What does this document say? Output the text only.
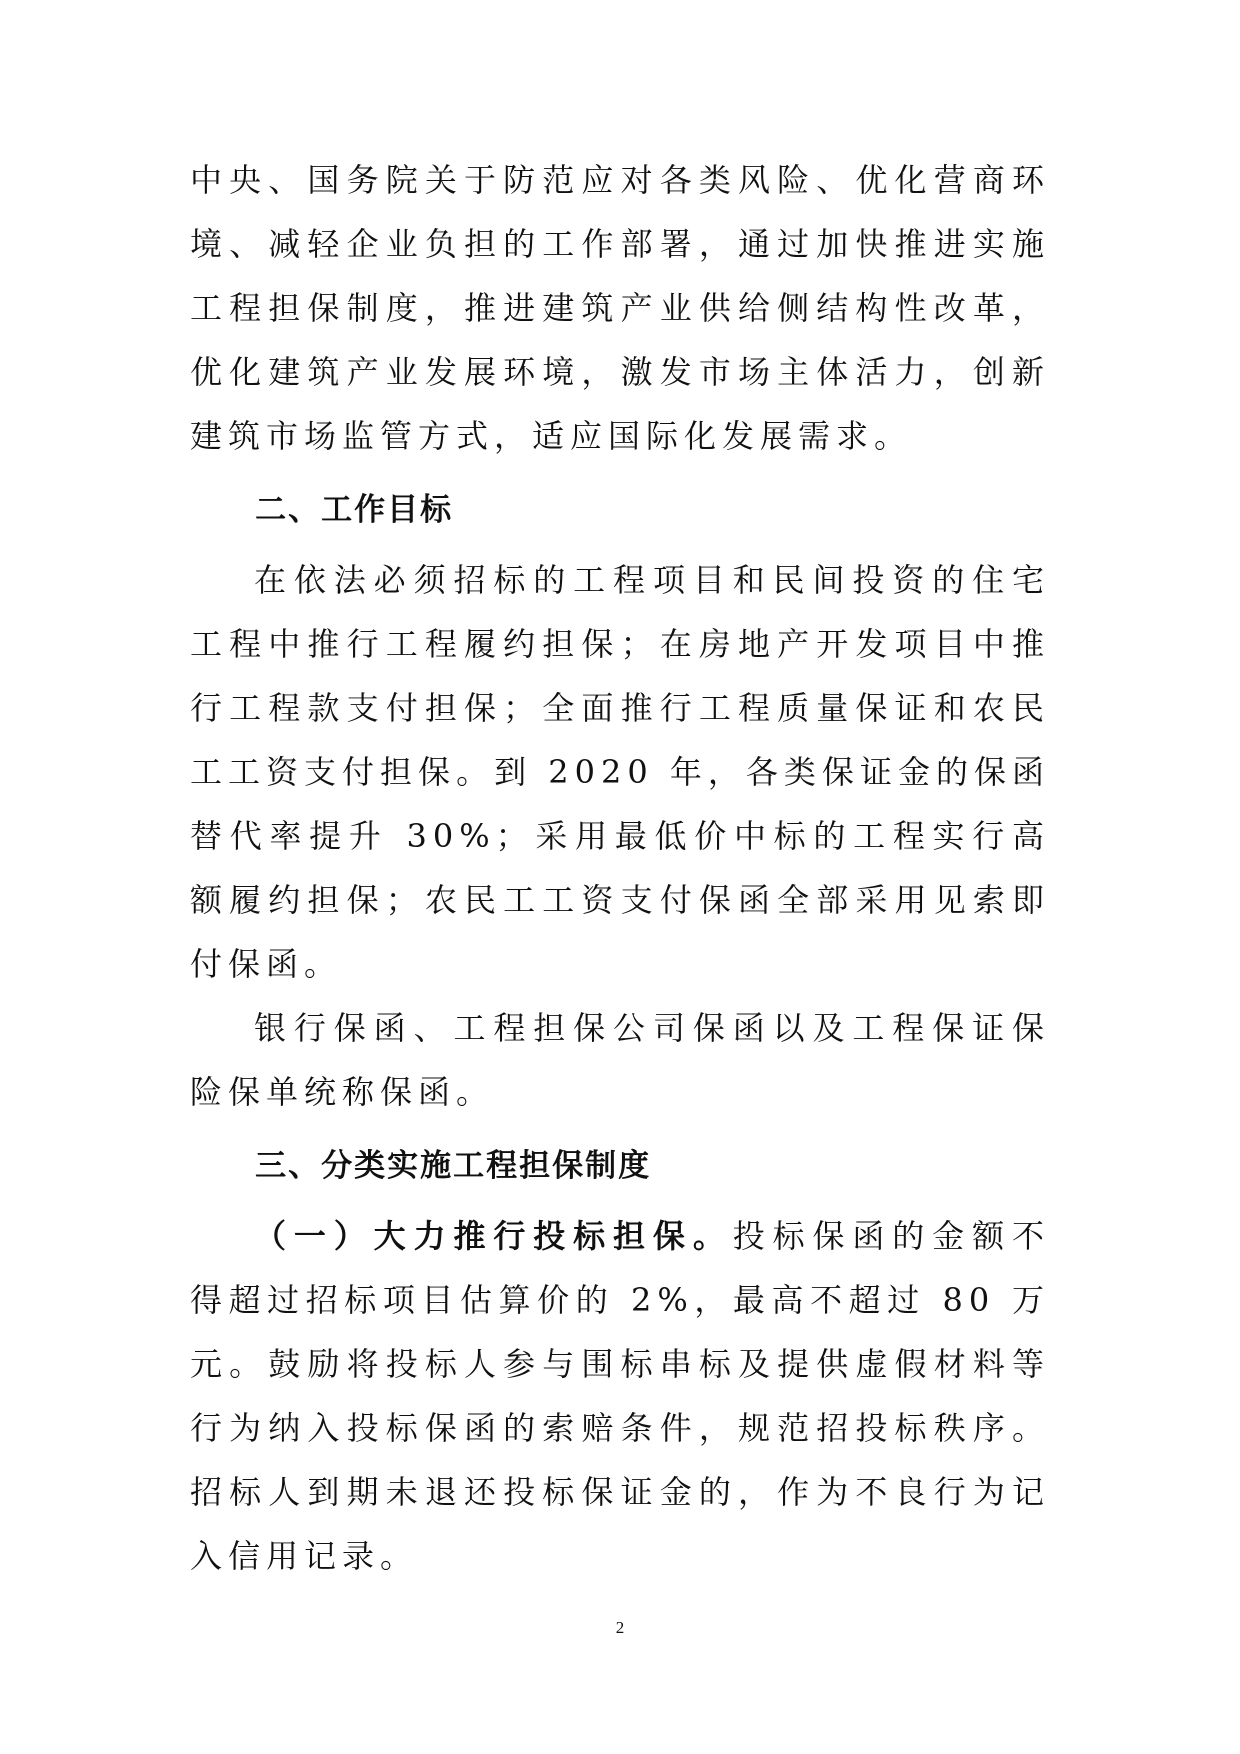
中央、国务院关于防范应对各类风险、优化营商环境、减轻企业负担的工作部署，通过加快推进实施工程担保制度，推进建筑产业供给侧结构性改革，优化建筑产业发展环境，激发市场主体活力，创新建筑市场监管方式，适应国际化发展需求。

二、工作目标

在依法必须招标的工程项目和民间投资的住宅工程中推行工程履约担保；在房地产开发项目中推行工程款支付担保；全面推行工程质量保证和农民工工资支付担保。到 2020 年，各类保证金的保函替代率提升 30%；采用最低价中标的工程实行高额履约担保；农民工工资支付保函全部采用见索即付保函。

银行保函、工程担保公司保函以及工程保证保险保单统称保函。

三、分类实施工程担保制度

（一）大力推行投标担保。投标保函的金额不得超过招标项目估算价的 2%，最高不超过 80 万元。鼓励将投标人参与围标串标及提供虚假材料等行为纳入投标保函的索赔条件，规范招投标秩序。招标人到期未退还投标保证金的，作为不良行为记入信用记录。

2
